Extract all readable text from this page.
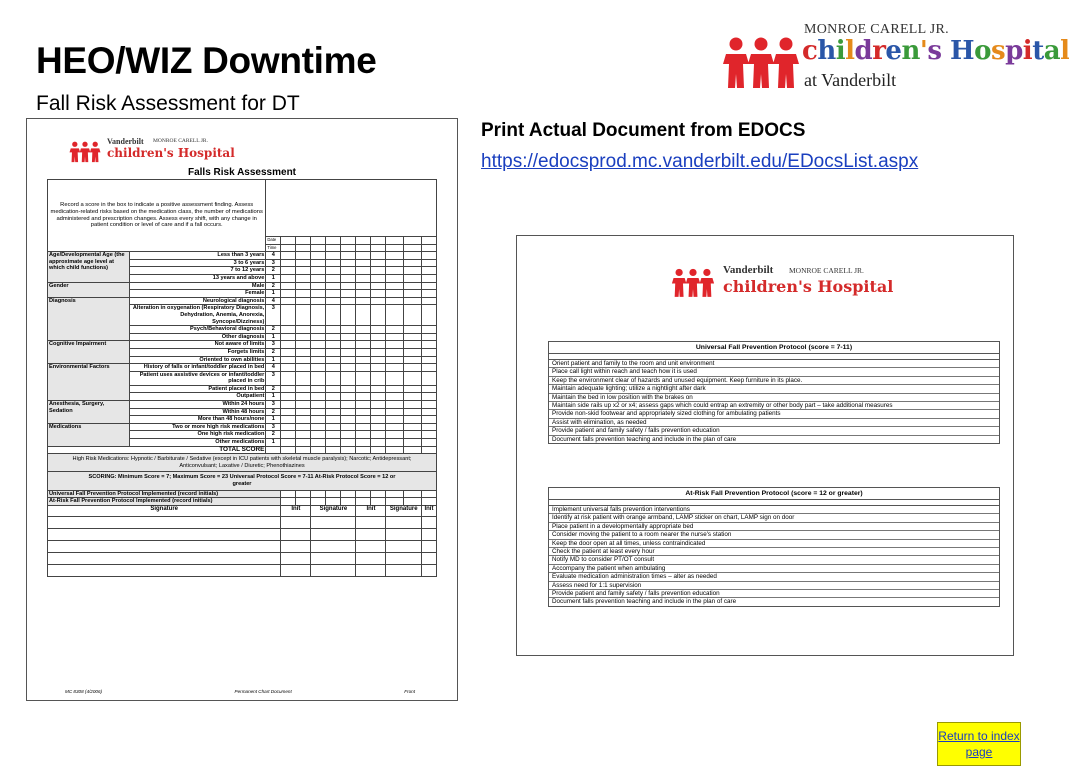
HEO/WIZ Downtime
Fall Risk Assessment for DT
MONROE CARELL JR.
children's Hospital
at Vanderbilt
Print Actual Document from EDOCS
https://edocsprod.mc.vanderbilt.edu/EDocsList.aspx
Vanderbilt MONROE CARELL JR.
children's Hospital
Falls Risk Assessment
Record a score in the box to indicate a positive assessment finding. Assess medication-related risks based on the medication class, the number of medications administered and prescription changes. Assess every shift, with any change in patient condition or level of care and if a fall occurs.												
		Date										
		Time										
Age/Developmental Age (the approximate age level at which child functions)	Less than 3 years	4										
	3 to 6 years	3										
	7 to 12 years	2										
	13 years and above	1										
Gender	Male	2										
	Female	1										
Diagnosis	Neurological diagnosis	4										
	Alteration in oxygenation (Respiratory Diagnosis, Dehydration, Anemia, Anorexia, Syncope/Dizziness)	3										
	Psych/Behavioral diagnosis	2										
	Other diagnosis	1										
Cognitive Impairment	Not aware of limits	3										
	Forgets limits	2										
	Oriented to own abilities	1										
Environmental Factors	History of falls or infant/toddler placed in bed	4										
	Patient uses assistive devices or infant/toddler placed in crib	3										
	Patient placed in bed	2										
	Outpatient	1										
Anesthesia, Surgery, Sedation	Within 24 hours	3										
	Within 48 hours	2										
	More than 48 hours/none	1										
Medications	Two or more high risk medications	3										
	One high risk medication	2										
	Other medications	1										
TOTAL SCORE												
High Risk Medications: Hypnotic / Barbiturate / Sedative (except in ICU patients with skeletal muscle paralysis); Narcotic; Antidepressant; Anticonvulsant; Laxative / Diuretic; Phenothiazines												
SCORING: Minimum Score = 7; Maximum Score = 23 Universal Protocol Score = 7-11 At-Risk Protocol Score = 12 or greater												
Universal Fall Prevention Protocol Implemented (record initials)												
At-Risk Fall Prevention Protocol Implemented (record initials)												
Signature			Init		Signature			Init		Signature		Init

MC 8308 (4/2006)	Permanent Chart Document	Front
Vanderbilt MONROE CARELL JR.
children's Hospital
Universal Fall Prevention Protocol (score = 7-11)
Orient patient and family to the room and unit environment
Place call light within reach and teach how it is used
Keep the environment clear of hazards and unused equipment. Keep furniture in its place.
Maintain adequate lighting; utilize a nightlight after dark
Maintain the bed in low position with the brakes on
Maintain side rails up x2 or x4; assess gaps which could entrap an extremity or other body part – take additional measures
Provide non-skid footwear and appropriately sized clothing for ambulating patients
Assist with elimination, as needed
Provide patient and family safety / falls prevention education
Document falls prevention teaching and include in the plan of care
At-Risk Fall Prevention Protocol (score = 12 or greater)
Implement universal falls prevention interventions
Identify at risk patient with orange armband, LAMP sticker on chart, LAMP sign on door
Place patient in a developmentally appropriate bed
Consider moving the patient to a room nearer the nurse's station
Keep the door open at all times, unless contraindicated
Check the patient at least every hour
Notify MD to consider PT/OT consult
Accompany the patient when ambulating
Evaluate medication administration times – alter as needed
Assess need for 1:1 supervision
Provide patient and family safety / falls prevention education
Document falls prevention teaching and include in the plan of care
Return to index page
